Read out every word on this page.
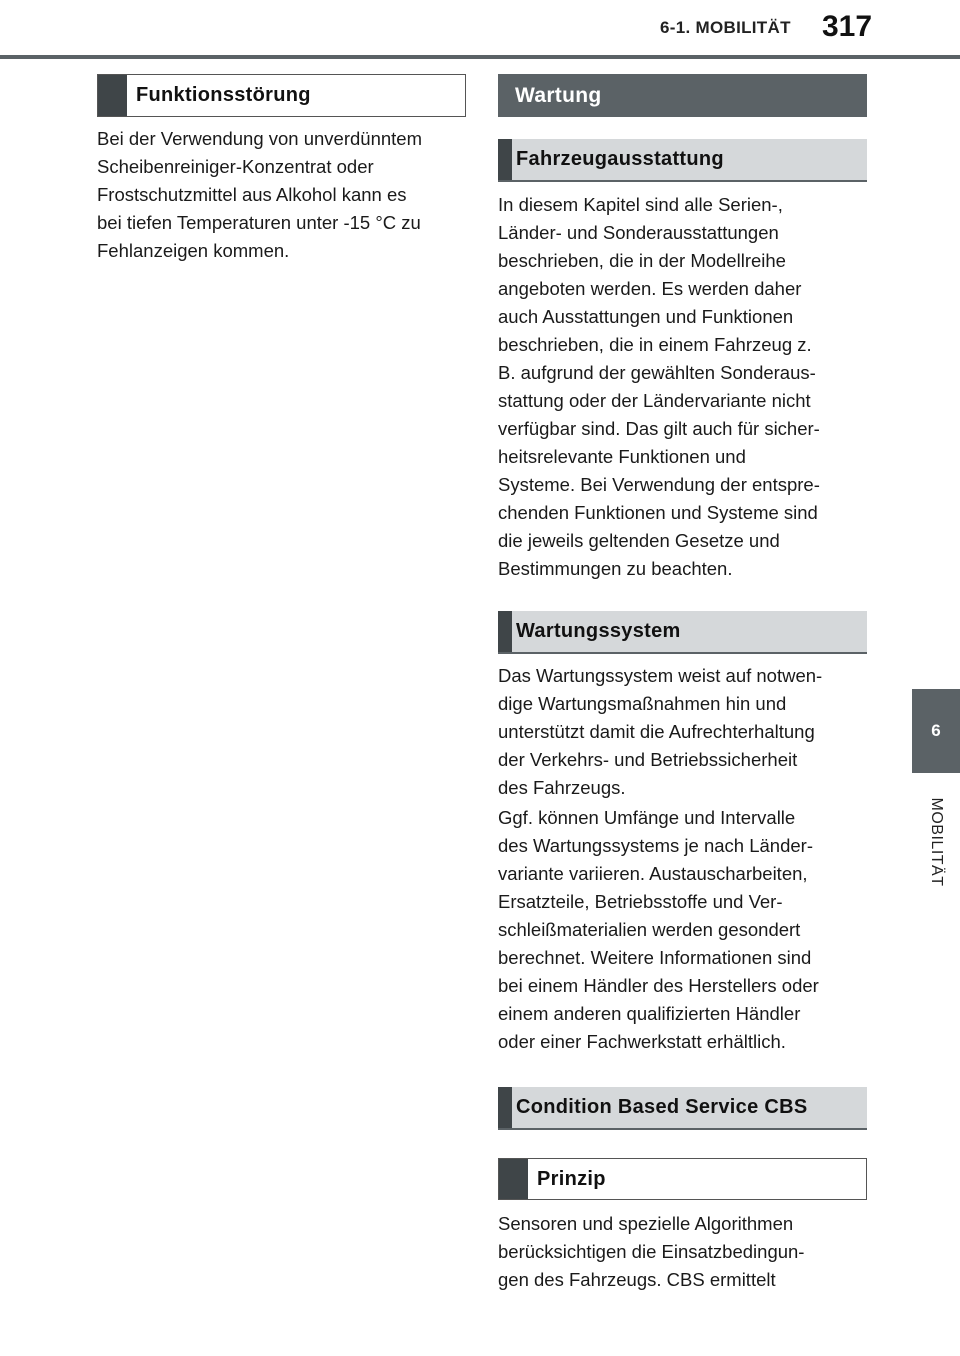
6-1. MOBILITÄT 317
6
MOBILITÄT
Funktionsstörung
Bei der Verwendung von unverdünntem
Scheibenreiniger-Konzentrat oder
Frostschutzmittel aus Alkohol kann es
bei tiefen Temperaturen unter -15 °C zu
Fehlanzeigen kommen.
Wartung
Fahrzeugausstattung
In diesem Kapitel sind alle Serien-,
Länder- und Sonderausstattungen
beschrieben, die in der Modellreihe
angeboten werden. Es werden daher
auch Ausstattungen und Funktionen
beschrieben, die in einem Fahrzeug z.
B. aufgrund der gewählten Sonderaus-
stattung oder der Ländervariante nicht
verfügbar sind. Das gilt auch für sicher-
heitsrelevante Funktionen und
Systeme. Bei Verwendung der entspre-
chenden Funktionen und Systeme sind
die jeweils geltenden Gesetze und
Bestimmungen zu beachten.
Wartungssystem
Das Wartungssystem weist auf notwen-
dige Wartungsmaßnahmen hin und
unterstützt damit die Aufrechterhaltung
der Verkehrs- und Betriebssicherheit
des Fahrzeugs.
Ggf. können Umfänge und Intervalle
des Wartungssystems je nach Länder-
variante variieren. Austauscharbeiten,
Ersatzteile, Betriebsstoffe und Ver-
schleißmaterialien werden gesondert
berechnet. Weitere Informationen sind
bei einem Händler des Herstellers oder
einem anderen qualifizierten Händler
oder einer Fachwerkstatt erhältlich.
Condition Based Service CBS
Prinzip
Sensoren und spezielle Algorithmen
berücksichtigen die Einsatzbedingun-
gen des Fahrzeugs. CBS ermittelt
